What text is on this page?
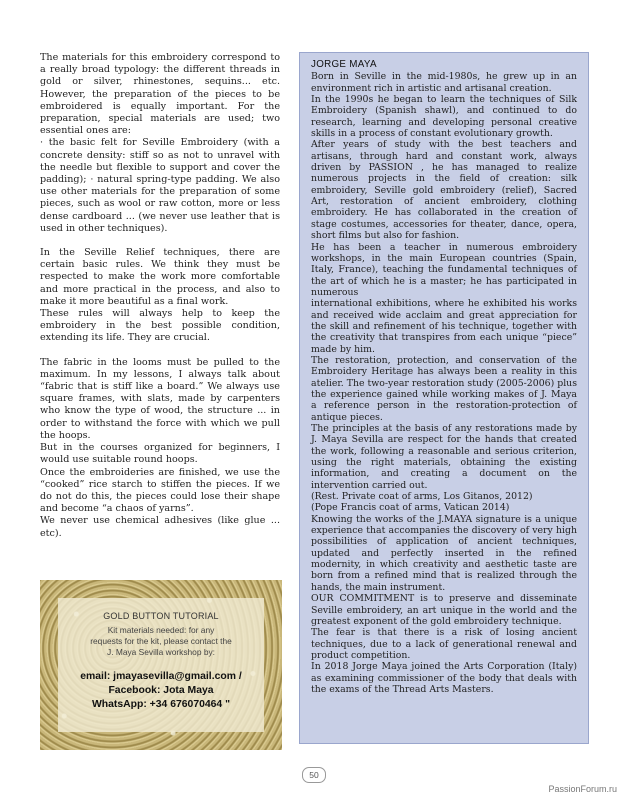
The materials for this embroidery correspond to a really broad typology: the different threads in gold or silver, rhinestones, sequins... etc. However, the preparation of the pieces to be embroidered is equally important. For the preparation, special materials are used; two essential ones are:

· the basic felt for Seville Embroidery (with a concrete density: stiff so as not to unravel with the needle but flexible to support and cover the padding); · natural spring-type padding. We also use other materials for the preparation of some pieces, such as wool or raw cotton, more or less dense cardboard ... (we never use leather that is used in other techniques).

In the Seville Relief techniques, there are certain basic rules. We think they must be respected to make the work more comfortable and more practical in the process, and also to make it more beautiful as a final work.

These rules will always help to keep the embroidery in the best possible condition, extending its life. They are crucial.

The fabric in the looms must be pulled to the maximum. In my lessons, I always talk about “fabric that is stiff like a board.” We always use square frames, with slats, made by carpenters who know the type of wood, the structure ... in order to withstand the force with which we pull the hoops.

But in the courses organized for beginners, I would use suitable round hoops.

Once the embroideries are finished, we use the “cooked” rice starch to stiffen the pieces. If we do not do this, the pieces could lose their shape and become “a chaos of yarns”.

We never use chemical adhesives (like glue ... etc).

GOLD BUTTON TUTORIAL
Kit materials needed: for any
requests for the kit, please contact the
J. Maya Sevilla workshop by:
email: jmayasevilla@gmail.com /
Facebook: Jota Maya
WhatsApp: +34 676070464 "

JORGE MAYA

Born in Seville in the mid-1980s, he grew up in an environment rich in artistic and artisanal creation.

In the 1990s he began to learn the techniques of Silk Embroidery (Spanish shawl), and continued to do research, learning and developing personal creative skills in a process of constant evolutionary growth.

After years of study with the best teachers and artisans, through hard and constant work, always driven by PASSION , he has managed to realize numerous projects in the field of creation: silk embroidery, Seville gold embroidery (relief), Sacred Art, restoration of ancient embroidery, clothing embroidery. He has collaborated in the creation of stage costumes, accessories for theater, dance, opera, short films but also for fashion.

He has been a teacher in numerous embroidery workshops, in the main European countries (Spain, Italy, France), teaching the fundamental techniques of the art of which he is a master; he has participated in numerous

international exhibitions, where he exhibited his works and received wide acclaim and great appreciation for the skill and refinement of his technique, together with the creativity that transpires from each unique “piece” made by him.

The restoration, protection, and conservation of the Embroidery Heritage has always been a reality in this atelier. The two-year restoration study (2005-2006) plus the experience gained while working makes of J. Maya a reference person in the restoration-protection of antique pieces.

The principles at the basis of any restorations made by J. Maya Sevilla are respect for the hands that created the work, following a reasonable and serious criterion, using the right materials, obtaining the existing information, and creating a document on the intervention carried out.

(Rest. Private coat of arms, Los Gitanos, 2012)

(Pope Francis coat of arms, Vatican 2014)

Knowing the works of the J.MAYA signature is a unique experience that accompanies the discovery of very high possibilities of application of ancient techniques, updated and perfectly inserted in the refined modernity, in which creativity and aesthetic taste are born from a refined mind that is realized through the hands, the main instrument.

OUR COMMITMENT is to preserve and disseminate Seville embroidery, an art unique in the world and the greatest exponent of the gold embroidery technique.

The fear is that there is a risk of losing ancient techniques, due to a lack of generational renewal and product competition.

In 2018 Jorge Maya joined the Arts Corporation (Italy) as examining commissioner of the body that deals with the exams of the Thread Arts Masters.

50
PassionForum.ru
